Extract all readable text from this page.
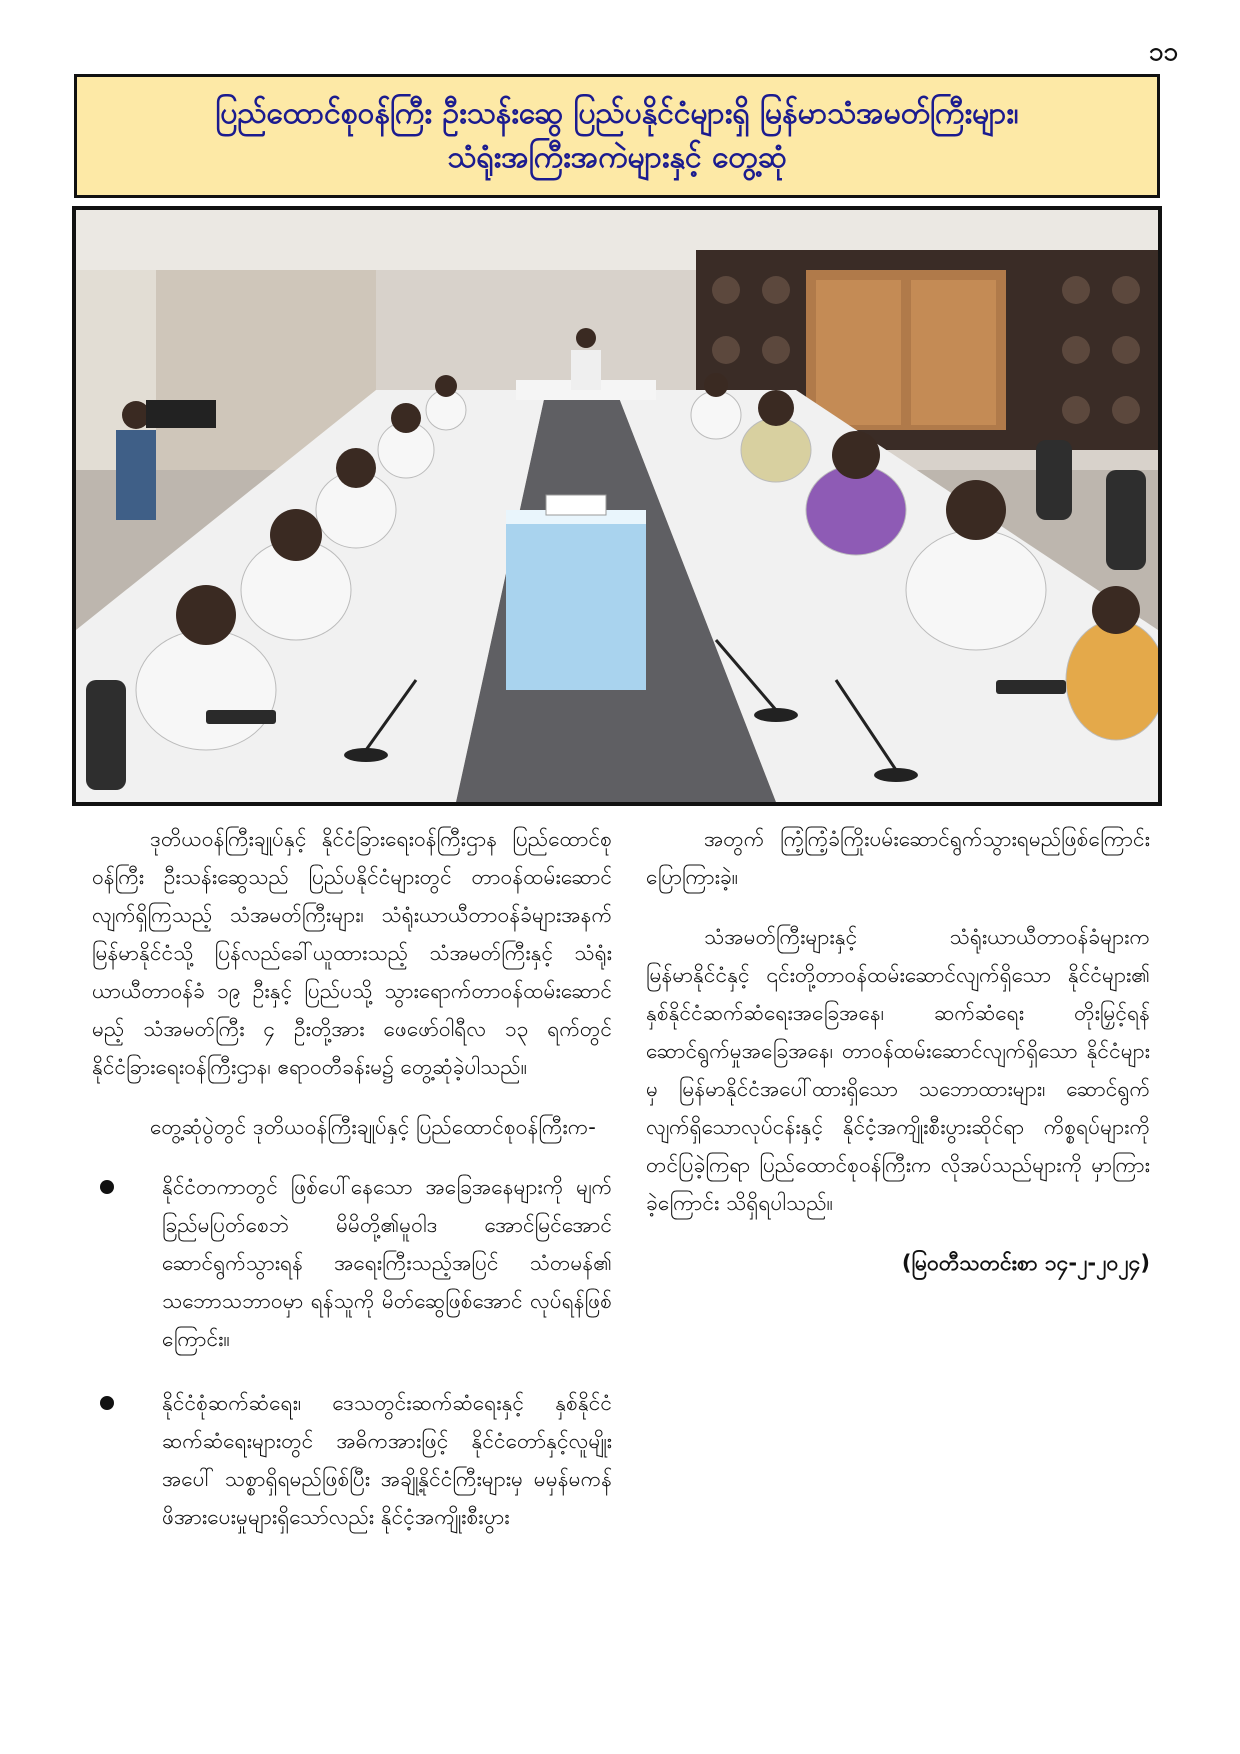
၁၁
ပြည်ထောင်စုဝန်ကြီး ဦးသန်းဆွေ ပြည်ပနိုင်ငံများရှိ မြန်မာသံအမတ်ကြီးများ၊
သံရုံးအကြီးအကဲများနှင့် တွေ့ဆုံ

ဒုတိယဝန်ကြီးချုပ်နှင့် နိုင်ငံခြားရေးဝန်ကြီးဌာန ပြည်ထောင်စုဝန်ကြီး ဦးသန်းဆွေသည် ပြည်ပနိုင်ငံများတွင် တာဝန်ထမ်းဆောင်လျက်ရှိကြသည့် သံအမတ်ကြီးများ၊ သံရုံးယာယီတာဝန်ခံများအနက် မြန်မာနိုင်ငံသို့ ပြန်လည်ခေါ်ယူထားသည့် သံအမတ်ကြီးနှင့် သံရုံးယာယီတာဝန်ခံ ၁၉ ဦးနှင့် ပြည်ပသို့ သွားရောက်တာဝန်ထမ်းဆောင်မည့် သံအမတ်ကြီး ၄ ဦးတို့အား ဖေဖော်ဝါရီလ ၁၃ ရက်တွင် နိုင်ငံခြားရေးဝန်ကြီးဌာန၊ ဧရာဝတီခန်းမ၌ တွေ့ဆုံခဲ့ပါသည်။

တွေ့ဆုံပွဲတွင် ဒုတိယဝန်ကြီးချုပ်နှင့် ပြည်ထောင်စုဝန်ကြီးက-

နိုင်ငံတကာတွင် ဖြစ်ပေါ်နေသော အခြေအနေများကို မျက်ခြည်မပြတ်စေဘဲ မိမိတို့၏မူဝါဒ အောင်မြင်အောင် ဆောင်ရွက်သွားရန် အရေးကြီးသည့်အပြင် သံတမန်၏ သဘောသဘာဝမှာ ရန်သူကို မိတ်ဆွေဖြစ်အောင် လုပ်ရန်ဖြစ်ကြောင်း။
နိုင်ငံစုံဆက်ဆံရေး၊ ဒေသတွင်းဆက်ဆံရေးနှင့် နှစ်နိုင်ငံဆက်ဆံရေးများတွင် အဓိကအားဖြင့် နိုင်ငံတော်နှင့်လူမျိုးအပေါ် သစ္စာရှိရမည်ဖြစ်ပြီး အချို့နိုင်ငံကြီးများမှ မမှန်မကန်ဖိအားပေးမှုများရှိသော်လည်း နိုင်ငံ့အကျိုးစီးပွား

အတွက် ကြံ့ကြံ့ခံကြိုးပမ်းဆောင်ရွက်သွားရမည်ဖြစ်ကြောင်း ပြောကြားခဲ့။

သံအမတ်ကြီးများနှင့် သံရုံးယာယီတာဝန်ခံများက မြန်မာနိုင်ငံနှင့် ၎င်းတို့တာဝန်ထမ်းဆောင်လျက်ရှိသော နိုင်ငံများ၏ နှစ်နိုင်ငံဆက်ဆံရေးအခြေအနေ၊ ဆက်ဆံရေး တိုးမြှင့်ရန် ဆောင်ရွက်မှုအခြေအနေ၊ တာဝန်ထမ်းဆောင်လျက်ရှိသော နိုင်ငံများမှ မြန်မာနိုင်ငံအပေါ်ထားရှိသော သဘောထားများ၊ ဆောင်ရွက်လျက်ရှိသောလုပ်ငန်းနှင့် နိုင်ငံ့အကျိုးစီးပွားဆိုင်ရာ ကိစ္စရပ်များကို တင်ပြခဲ့ကြရာ ပြည်ထောင်စုဝန်ကြီးက လိုအပ်သည်များကို မှာကြားခဲ့ကြောင်း သိရှိရပါသည်။

(မြဝတီသတင်းစာ ၁၄-၂-၂၀၂၄)
